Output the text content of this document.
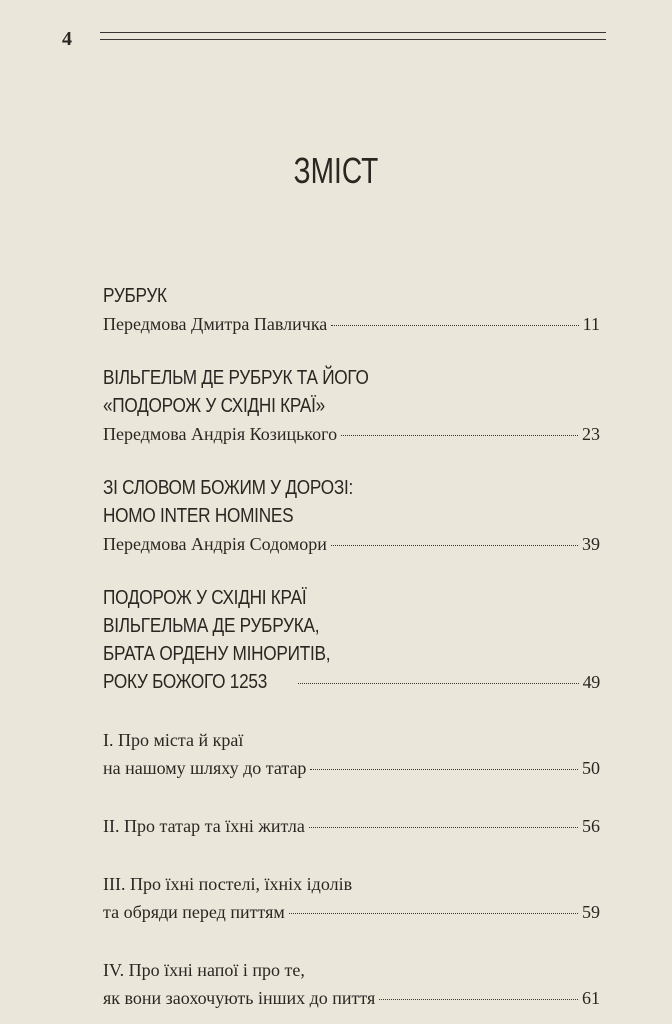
4
ЗМІСТ
РУБРУК
Передмова Дмитра Павличка	11
ВІЛЬГЕЛЬМ ДЕ РУБРУК ТА ЙОГО
«ПОДОРОЖ У СХІДНІ КРАЇ»
Передмова Андрія Козицького	23
ЗІ СЛОВОМ БОЖИМ У ДОРОЗІ:
HOMO INTER HOMINES
Передмова Андрія Содомори	39
ПОДОРОЖ У СХІДНІ КРАЇ
ВІЛЬГЕЛЬМА ДЕ РУБРУКА,
БРАТА ОРДЕНУ МІНОРИТІВ,
РОКУ БОЖОГО 1253	49
I. Про міста й краї
на нашому шляху до татар	50
II. Про татар та їхні житла	56
III. Про їхні постелі, їхніх ідолів
та обряди перед питтям	59
IV. Про їхні напої і про те,
як вони заохочують інших до пиття	61
